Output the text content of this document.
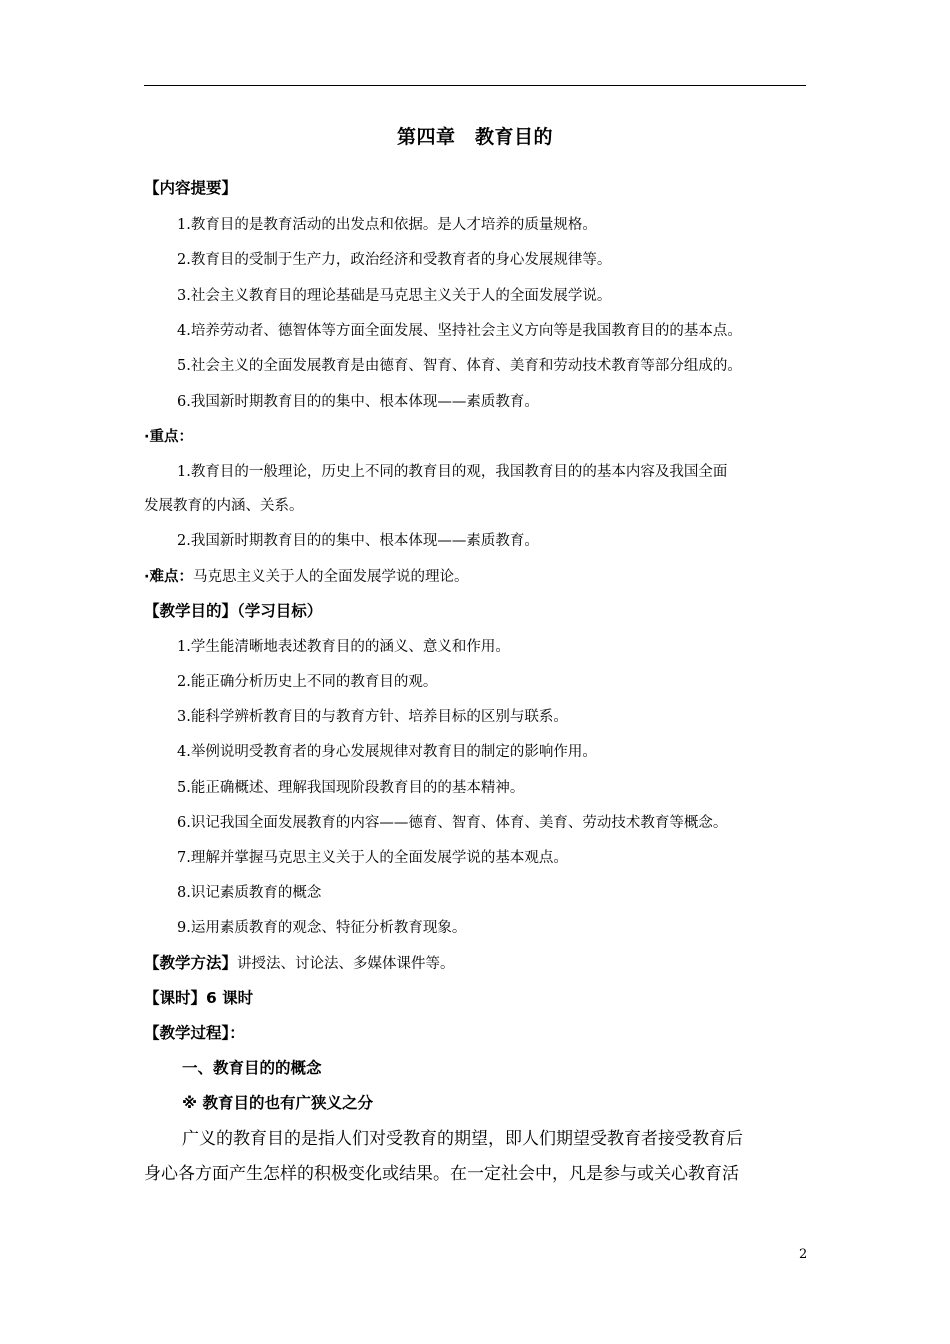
第四章　教育目的
【内容提要】
1.教育目的是教育活动的出发点和依据。是人才培养的质量规格。
2.教育目的受制于生产力，政治经济和受教育者的身心发展规律等。
3.社会主义教育目的理论基础是马克思主义关于人的全面发展学说。
4.培养劳动者、德智体等方面全面发展、坚持社会主义方向等是我国教育目的的基本点。
5.社会主义的全面发展教育是由德育、智育、体育、美育和劳动技术教育等部分组成的。
6.我国新时期教育目的的集中、根本体现——素质教育。
·重点：
1.教育目的一般理论，历史上不同的教育目的观，我国教育目的的基本内容及我国全面
发展教育的内涵、关系。
2.我国新时期教育目的的集中、根本体现——素质教育。
·难点：马克思主义关于人的全面发展学说的理论。
【教学目的】（学习目标）
1.学生能清晰地表述教育目的的涵义、意义和作用。
2.能正确分析历史上不同的教育目的观。
3.能科学辨析教育目的与教育方针、培养目标的区别与联系。
4.举例说明受教育者的身心发展规律对教育目的制定的影响作用。
5.能正确概述、理解我国现阶段教育目的的基本精神。
6.识记我国全面发展教育的内容——德育、智育、体育、美育、劳动技术教育等概念。
7.理解并掌握马克思主义关于人的全面发展学说的基本观点。
8.识记素质教育的概念
9.运用素质教育的观念、特征分析教育现象。
【教学方法】讲授法、讨论法、多媒体课件等。
【课时】6 课时
【教学过程】：
一、教育目的的概念
※ 教育目的也有广狭义之分
广义的教育目的是指人们对受教育的期望，即人们期望受教育者接受教育后
身心各方面产生怎样的积极变化或结果。在一定社会中，凡是参与或关心教育活
2
